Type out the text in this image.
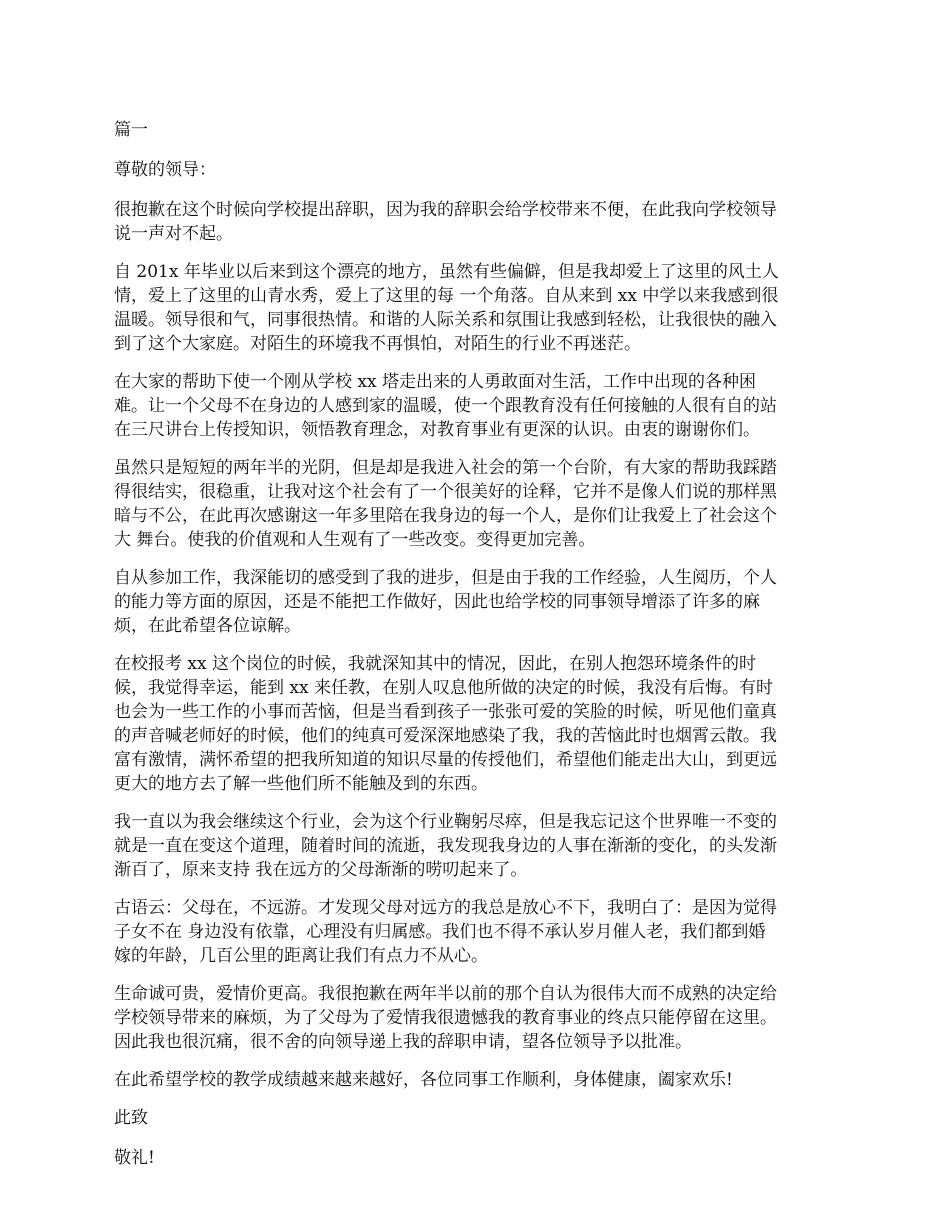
篇一

尊敬的领导：

很抱歉在这个时候向学校提出辞职，因为我的辞职会给学校带来不便，在此我向学校领导
说一声对不起。
自 201x 年毕业以后来到这个漂亮的地方，虽然有些偏僻，但是我却爱上了这里的风土人
情，爱上了这里的山青水秀，爱上了这里的每 一个角落。自从来到 xx 中学以来我感到很
温暖。领导很和气，同事很热情。和谐的人际关系和氛围让我感到轻松，让我很快的融入
到了这个大家庭。对陌生的环境我不再惧怕，对陌生的行业不再迷茫。
在大家的帮助下使一个刚从学校 xx 塔走出来的人勇敢面对生活，工作中出现的各种困
难。让一个父母不在身边的人感到家的温暖，使一个跟教育没有任何接触的人很有自的站
在三尺讲台上传授知识，领悟教育理念，对教育事业有更深的认识。由衷的谢谢你们。
虽然只是短短的两年半的光阴，但是却是我进入社会的第一个台阶，有大家的帮助我踩踏
得很结实，很稳重，让我对这个社会有了一个很美好的诠释，它并不是像人们说的那样黑
暗与不公，在此再次感谢这一年多里陪在我身边的每一个人，是你们让我爱上了社会这个
大 舞台。使我的价值观和人生观有了一些改变。变得更加完善。
自从参加工作，我深能切的感受到了我的进步，但是由于我的工作经验，人生阅历，个人
的能力等方面的原因，还是不能把工作做好，因此也给学校的同事领导增添了许多的麻
烦，在此希望各位谅解。
在校报考 xx 这个岗位的时候，我就深知其中的情况，因此，在别人抱怨环境条件的时
候，我觉得幸运，能到 xx 来任教，在别人叹息他所做的决定的时候，我没有后悔。有时
也会为一些工作的小事而苦恼，但是当看到孩子一张张可爱的笑脸的时候，听见他们童真
的声音喊老师好的时候，他们的纯真可爱深深地感染了我，我的苦恼此时也烟霄云散。我
富有激情，满怀希望的把我所知道的知识尽量的传授他们，希望他们能走出大山，到更远
更大的地方去了解一些他们所不能触及到的东西。
我一直以为我会继续这个行业，会为这个行业鞠躬尽瘁，但是我忘记这个世界唯一不变的
就是一直在变这个道理，随着时间的流逝，我发现我身边的人事在渐渐的变化，的头发渐
渐百了，原来支持 我在远方的父母渐渐的唠叨起来了。
古语云：父母在，不远游。才发现父母对远方的我总是放心不下，我明白了：是因为觉得
子女不在 身边没有依靠，心理没有归属感。我们也不得不承认岁月催人老，我们都到婚
嫁的年龄，几百公里的距离让我们有点力不从心。
生命诚可贵，爱情价更高。我很抱歉在两年半以前的那个自认为很伟大而不成熟的决定给
学校领导带来的麻烦，为了父母为了爱情我很遗憾我的教育事业的终点只能停留在这里。
因此我也很沉痛，很不舍的向领导递上我的辞职申请，望各位领导予以批准。
在此希望学校的教学成绩越来越来越好，各位同事工作顺利，身体健康，阖家欢乐!

此致

敬礼!
